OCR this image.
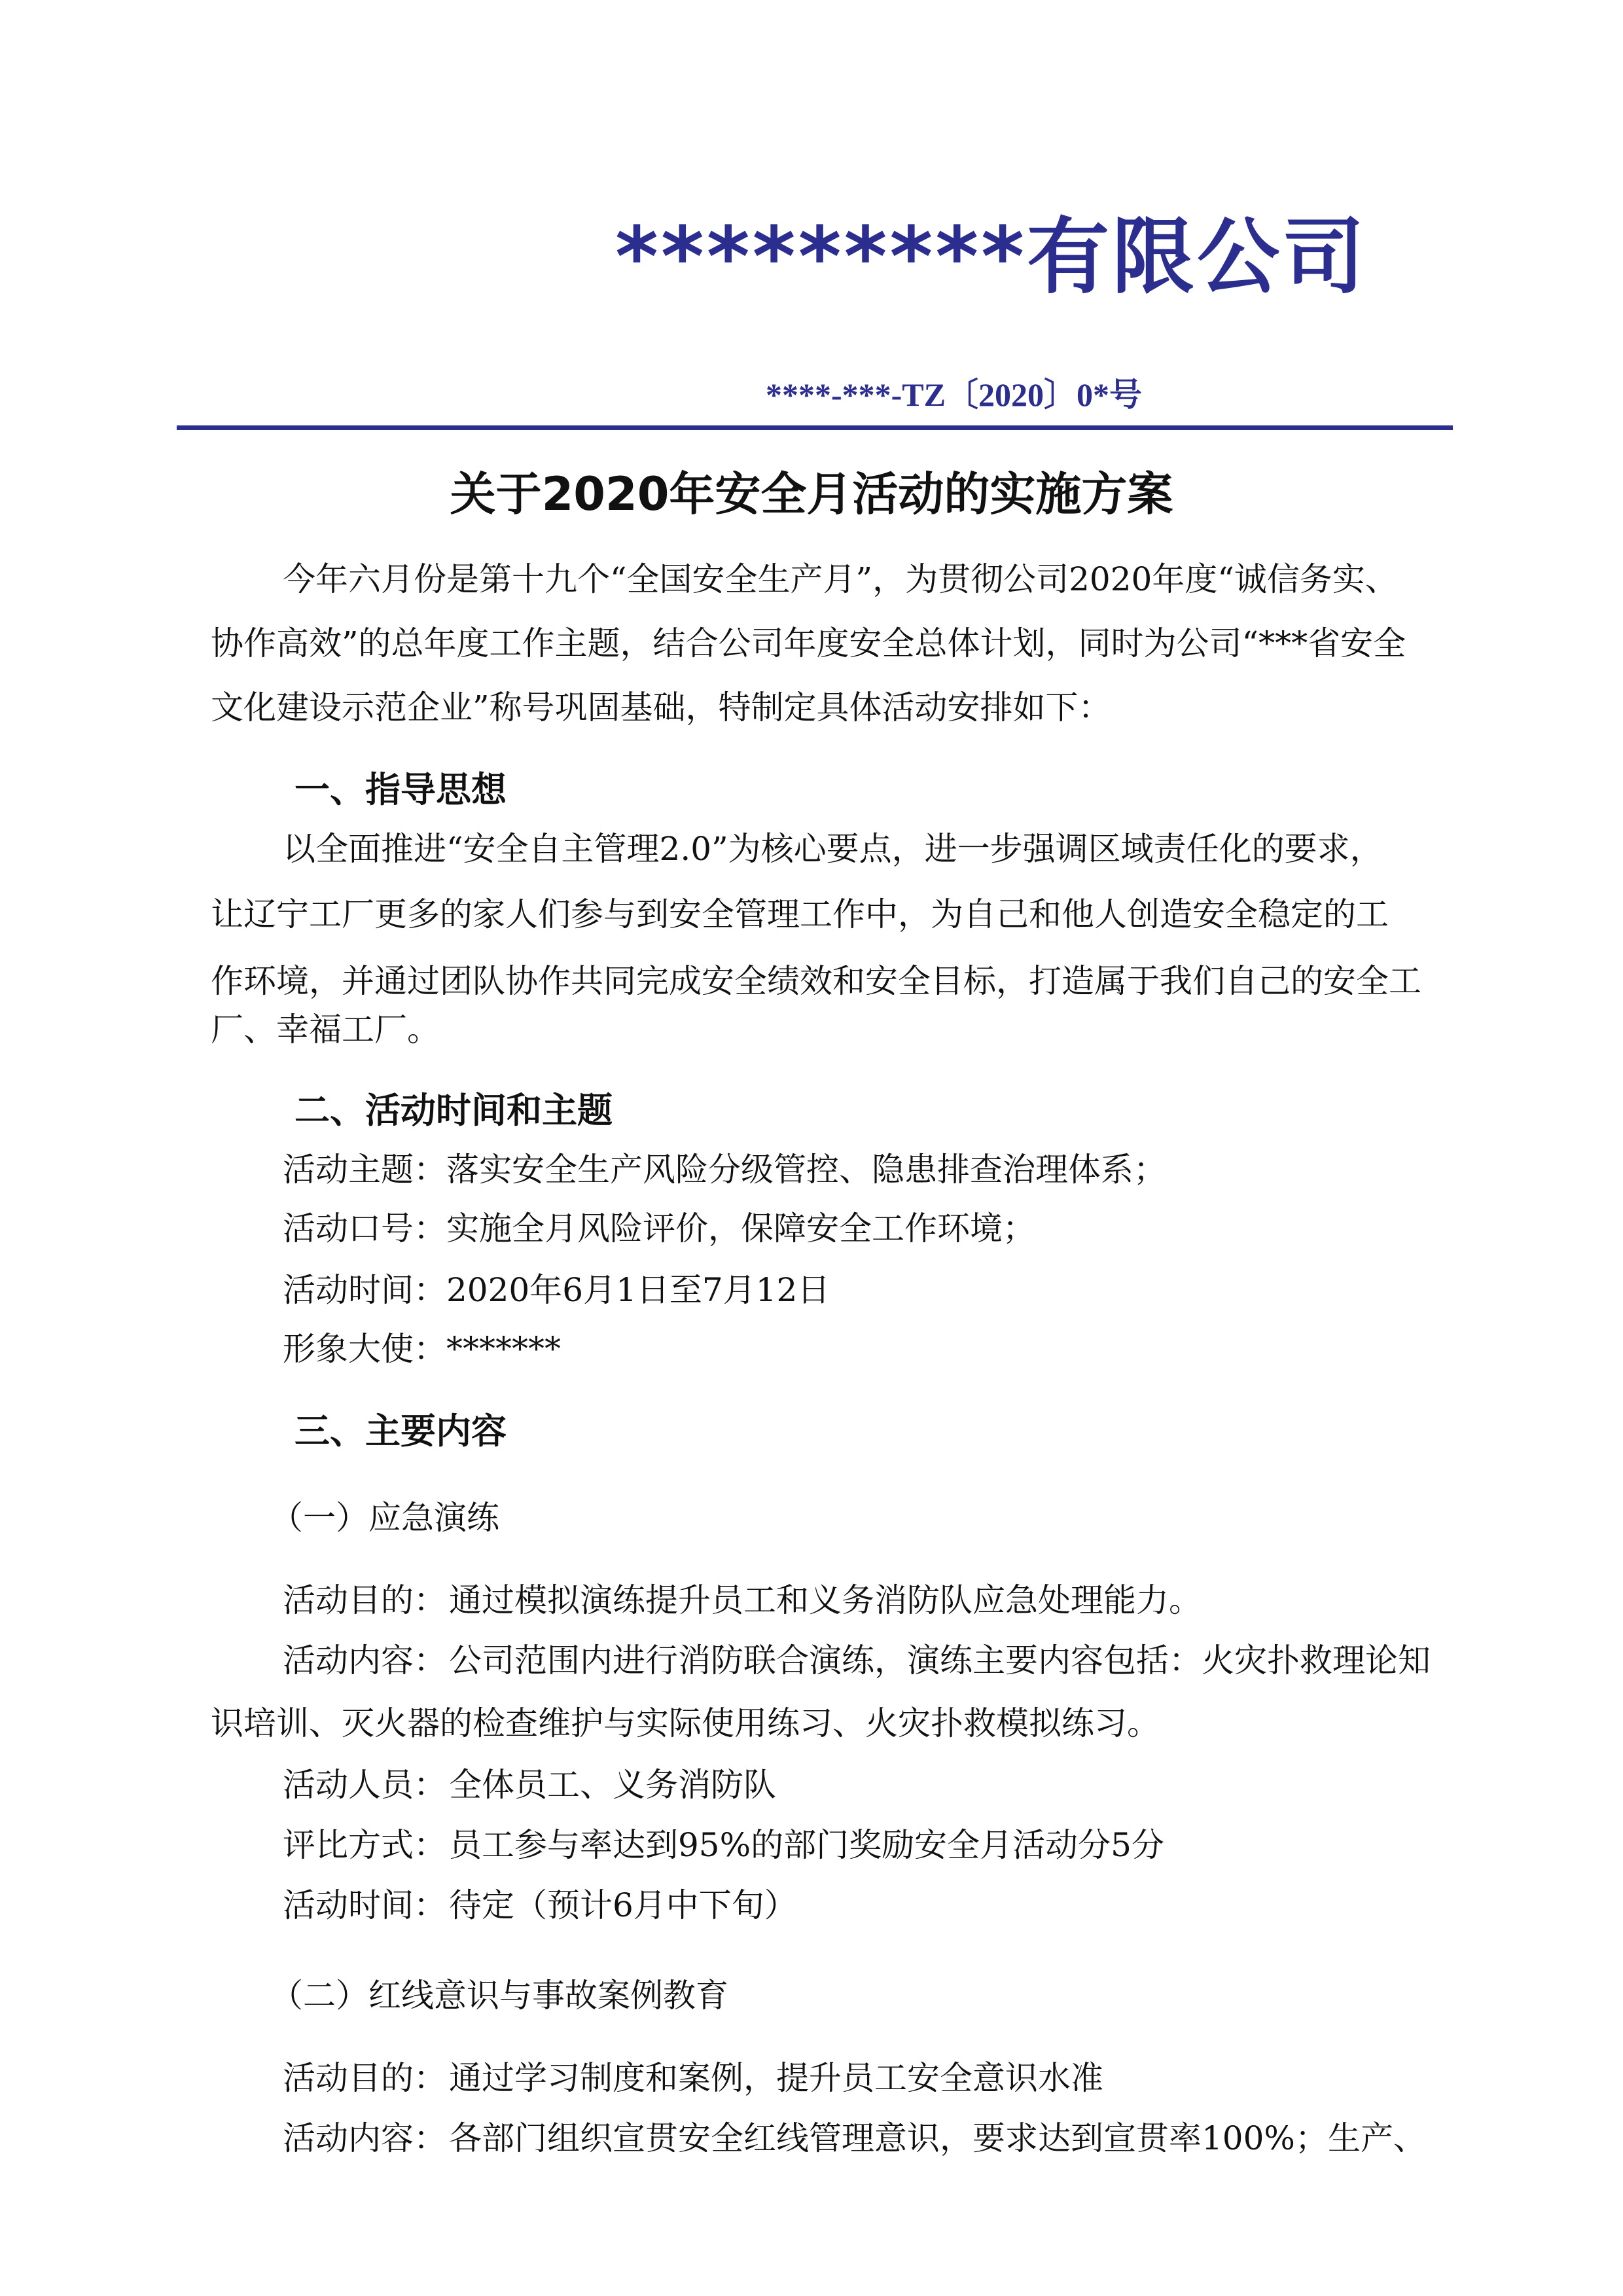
*********有限公司
****-***-TZ〔2020〕0*号
关于2020年安全月活动的实施方案
今年六月份是第十九个“全国安全生产月”，为贯彻公司2020年度“诚信务实、
协作高效”的总年度工作主题，结合公司年度安全总体计划，同时为公司“***省安全
文化建设示范企业”称号巩固基础，特制定具体活动安排如下：
一、指导思想
以全面推进“安全自主管理2.0”为核心要点，进一步强调区域责任化的要求，
让辽宁工厂更多的家人们参与到安全管理工作中，为自己和他人创造安全稳定的工
作环境，并通过团队协作共同完成安全绩效和安全目标，打造属于我们自己的安全工
厂、幸福工厂。
二、活动时间和主题
活动主题：落实安全生产风险分级管控、隐患排查治理体系；
活动口号：实施全月风险评价，保障安全工作环境；
活动时间：2020年6月1日至7月12日
形象大使：*******
三、主要内容
（一）应急演练
活动目的：通过模拟演练提升员工和义务消防队应急处理能力。
活动内容：公司范围内进行消防联合演练，演练主要内容包括：火灾扑救理论知
识培训、灭火器的检查维护与实际使用练习、火灾扑救模拟练习。
活动人员：全体员工、义务消防队
评比方式：员工参与率达到95%的部门奖励安全月活动分5分
活动时间：待定（预计6月中下旬）
（二）红线意识与事故案例教育
活动目的：通过学习制度和案例，提升员工安全意识水准
活动内容：各部门组织宣贯安全红线管理意识，要求达到宣贯率100%；生产、
